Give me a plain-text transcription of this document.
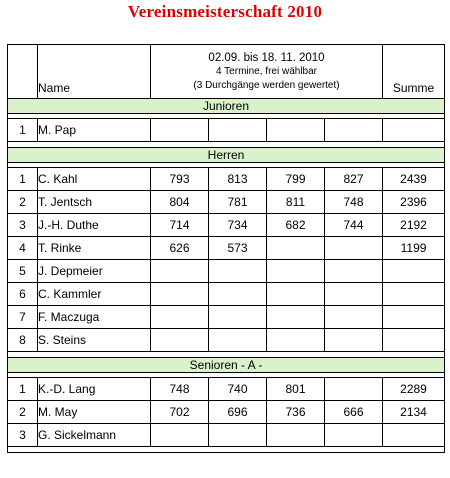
Vereinsmeisterschaft 2010
	Name	02.09. bis 18. 11. 2010
4 Termine, frei wählbar
(3 Durchgänge werden gewertet)				Summe
Junioren						

1	M. Pap					

Herren						

1	C. Kahl	793	813	799	827	2439
2	T. Jentsch	804	781	811	748	2396
3	J.-H. Duthe	714	734	682	744	2192
4	T. Rinke	626	573			1199
5	J. Depmeier					
6	C. Kammler					
7	F. Maczuga					
8	S. Steins					

Senioren - A -						

1	K.-D. Lang	748	740	801		2289
2	M. May	702	696	736	666	2134
3	G. Sickelmann					
